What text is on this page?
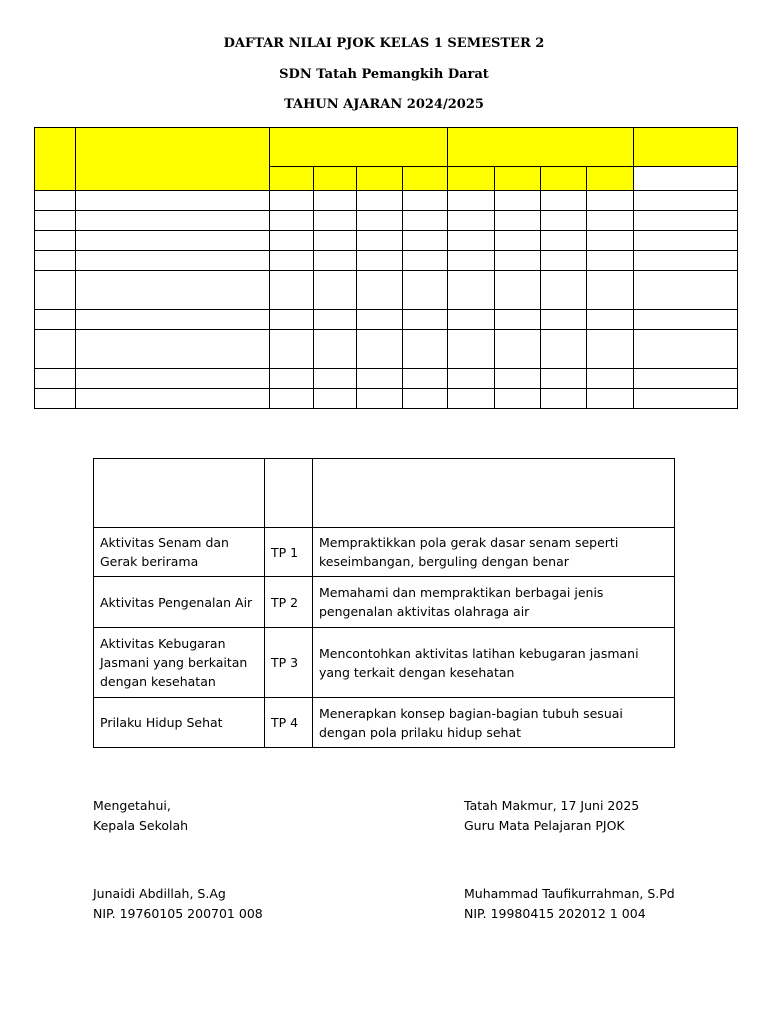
DAFTAR NILAI PJOK KELAS 1 SEMESTER 2
SDN Tatah Pemangkih Darat
TAHUN AJARAN 2024/2025

Aktivitas Senam dan Gerak berirama	TP 1	Mempraktikkan pola gerak dasar senam seperti keseimbangan, berguling dengan benar
Aktivitas Pengenalan Air	TP 2	Memahami dan mempraktikan berbagai jenis pengenalan aktivitas olahraga air
Aktivitas Kebugaran Jasmani yang berkaitan dengan kesehatan	TP 3	Mencontohkan aktivitas latihan kebugaran jasmani yang terkait dengan kesehatan
Prilaku Hidup Sehat	TP 4	Menerapkan konsep bagian-bagian tubuh sesuai dengan pola prilaku hidup sehat
Mengetahui,
Kepala Sekolah
Junaidi Abdillah, S.Ag
NIP. 19760105 200701 008
Tatah Makmur, 17 Juni 2025
Guru Mata Pelajaran PJOK
Muhammad Taufikurrahman, S.Pd
NIP. 19980415 202012 1 004
